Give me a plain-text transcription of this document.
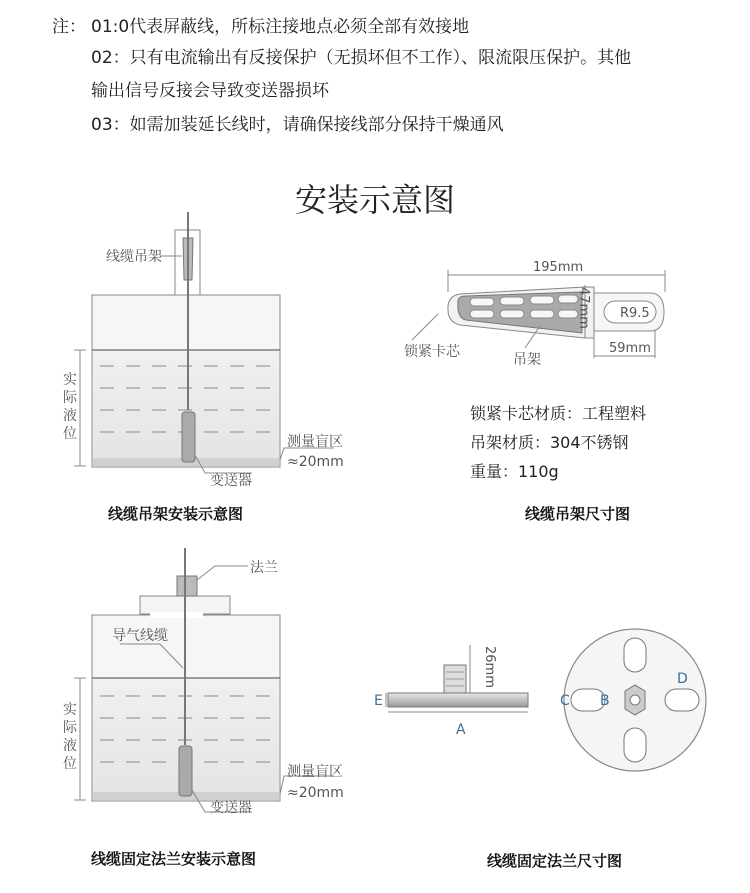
注： 01:0代表屏蔽线，所标注接地点必须全部有效接地
02：只有电流输出有反接保护（无损坏但不工作）、限流限压保护。其他
输出信号反接会导致变送器损坏
03：如需加装延长线时，请确保接线部分保持干燥通风
安装示意图
线缆吊架
实
际
液
位	测量盲区
≈20mm
变送器
195mm
47mm R9.5
59mm
锁紧卡芯	吊架
法兰
导气线缆
实
际
液
位	测量盲区
≈20mm
变送器
26mm
A
E	C B
D
锁紧卡芯材质：工程塑料
吊架材质：304不锈钢
重量：110g
线缆吊架安装示意图	线缆吊架尺寸图
线缆固定法兰安装示意图	线缆固定法兰尺寸图
